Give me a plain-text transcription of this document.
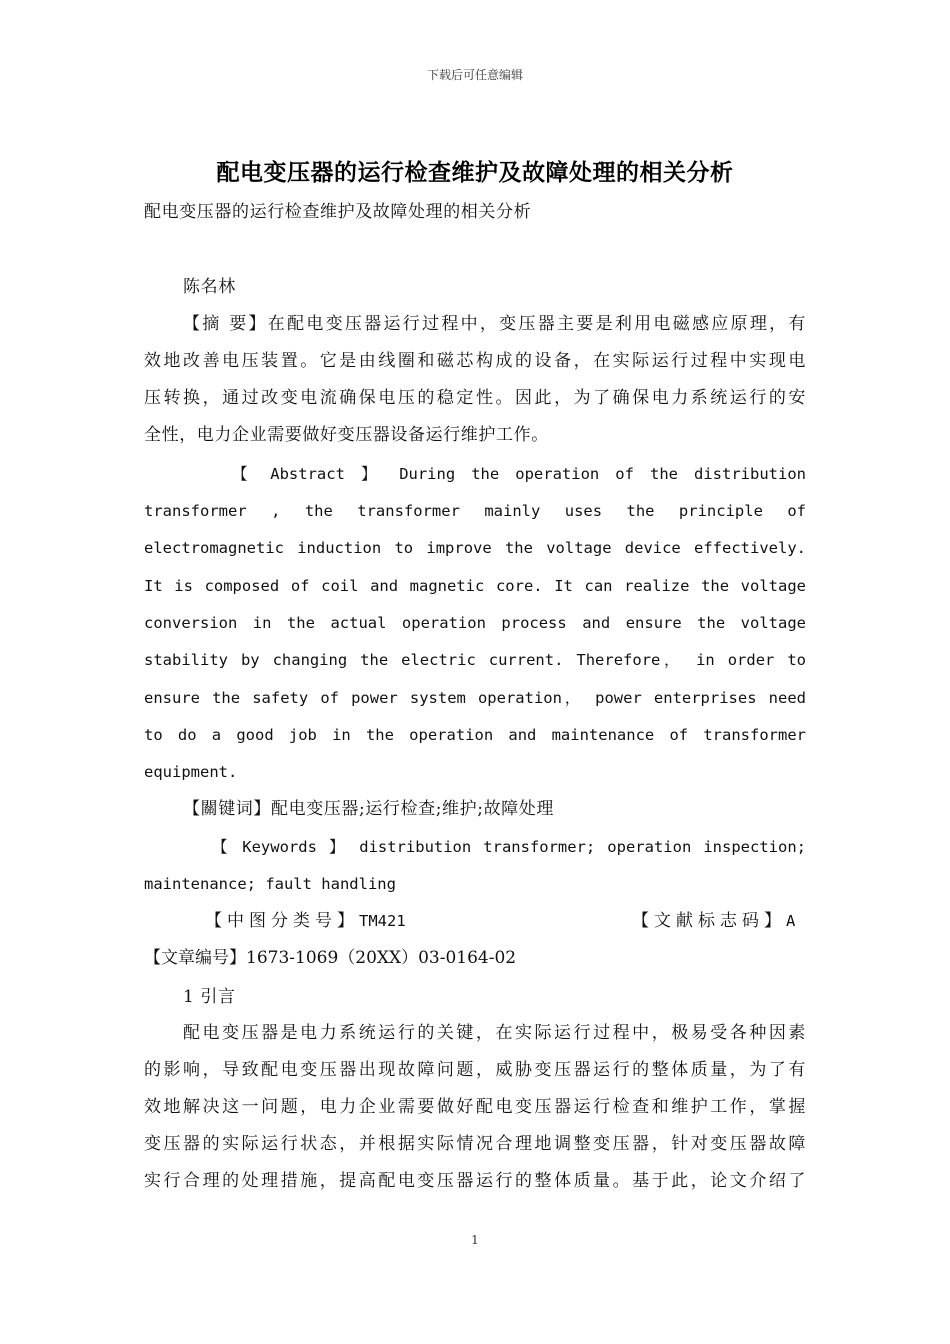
下载后可任意编辑
配电变压器的运行检查维护及故障处理的相关分析
配电变压器的运行检查维护及故障处理的相关分析
陈名林
【摘 要】在配电变压器运行过程中，变压器主要是利用电磁感应原理，有
效地改善电压装置。它是由线圈和磁芯构成的设备，在实际运行过程中实现电
压转换，通过改变电流确保电压的稳定性。因此，为了确保电力系统运行的安
全性，电力企业需要做好变压器设备运行维护工作。
【 Abstract 】 During the operation of the distribution
transformer , the transformer mainly uses the principle of
electromagnetic induction to improve the voltage device effectively.
It is composed of coil and magnetic core. It can realize the voltage
conversion in the actual operation process and ensure the voltage
stability by changing the electric current. Therefore， in order to
ensure the safety of power system operation， power enterprises need
to do a good job in the operation and maintenance of transformer
equipment.
【關键词】配电变压器;运行检查;维护;故障处理
【 Keywords 】 distribution transformer; operation inspection;
maintenance; fault handling
【中图分类号】TM421	【文献标志码】A
【文章编号】1673-1069（20XX）03-0164-02
1 引言
配电变压器是电力系统运行的关键，在实际运行过程中，极易受各种因素
的影响，导致配电变压器出现故障问题，威胁变压器运行的整体质量，为了有
效地解决这一问题，电力企业需要做好配电变压器运行检查和维护工作，掌握
变压器的实际运行状态，并根据实际情况合理地调整变压器，针对变压器故障
实行合理的处理措施，提高配电变压器运行的整体质量。基于此，论文介绍了
1
